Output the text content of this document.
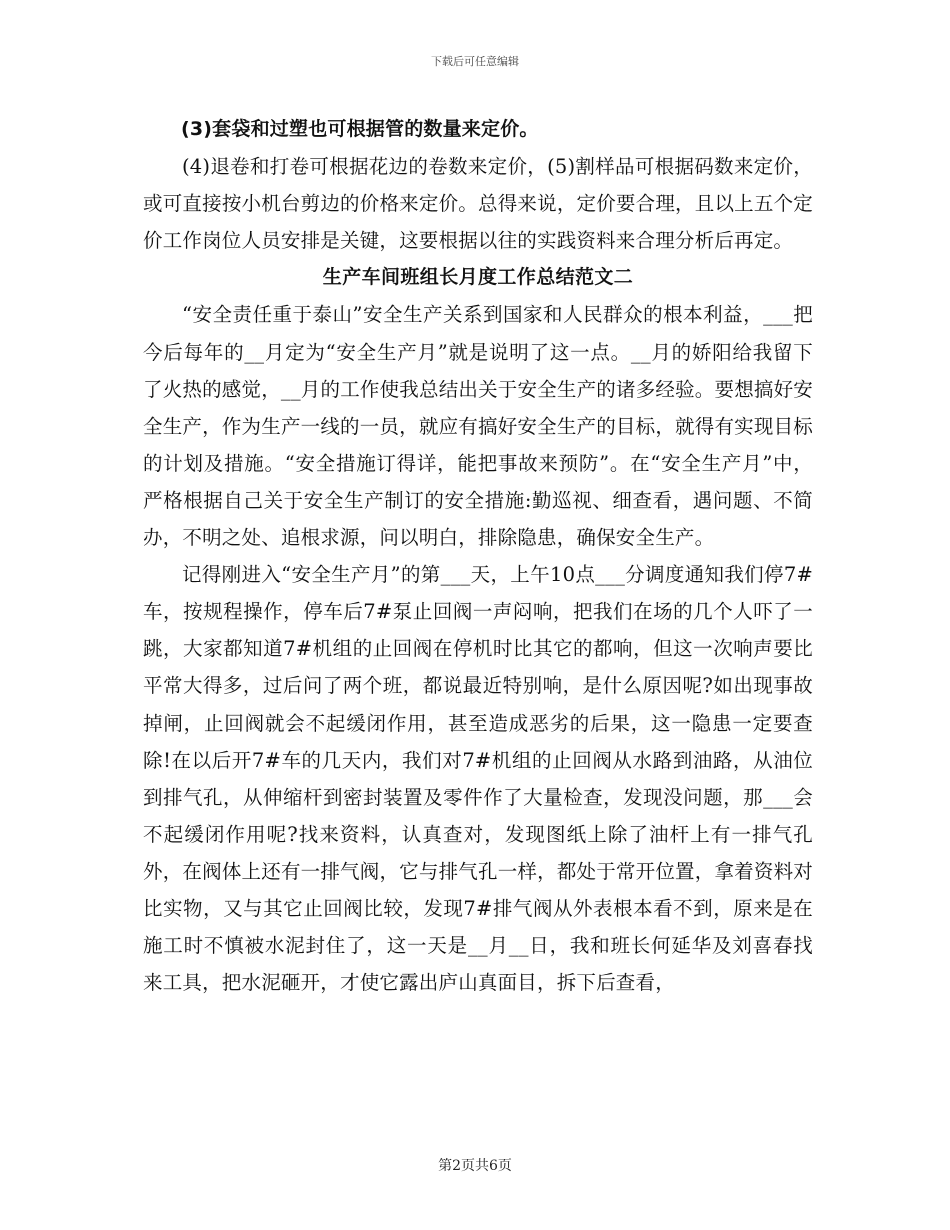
下载后可任意编辑

(3)套袋和过塑也可根据管的数量来定价。

(4)退卷和打卷可根据花边的卷数来定价，(5)割样品可根据码数来定价，或可直接按小机台剪边的价格来定价。总得来说，定价要合理，且以上五个定价工作岗位人员安排是关键，这要根据以往的实践资料来合理分析后再定。

生产车间班组长月度工作总结范文二

“安全责任重于泰山”安全生产关系到国家和人民群众的根本利益，___把今后每年的__月定为“安全生产月”就是说明了这一点。__月的娇阳给我留下了火热的感觉，__月的工作使我总结出关于安全生产的诸多经验。要想搞好安全生产，作为生产一线的一员，就应有搞好安全生产的目标，就得有实现目标的计划及措施。“安全措施订得详，能把事故来预防”。在“安全生产月”中，严格根据自己关于安全生产制订的安全措施:勤巡视、细查看，遇问题、不简办，不明之处、追根求源，问以明白，排除隐患，确保安全生产。

记得刚进入“安全生产月”的第___天，上午10点___分调度通知我们停7#车，按规程操作，停车后7#泵止回阀一声闷响，把我们在场的几个人吓了一跳，大家都知道7#机组的止回阀在停机时比其它的都响，但这一次响声要比平常大得多，过后问了两个班，都说最近特别响，是什么原因呢?如出现事故掉闸，止回阀就会不起缓闭作用，甚至造成恶劣的后果，这一隐患一定要查除!在以后开7#车的几天内，我们对7#机组的止回阀从水路到油路，从油位到排气孔，从伸缩杆到密封装置及零件作了大量检查，发现没问题，那___会不起缓闭作用呢?找来资料，认真查对，发现图纸上除了油杆上有一排气孔外，在阀体上还有一排气阀，它与排气孔一样，都处于常开位置，拿着资料对比实物，又与其它止回阀比较，发现7#排气阀从外表根本看不到，原来是在施工时不慎被水泥封住了，这一天是__月__日，我和班长何延华及刘喜春找来工具，把水泥砸开，才使它露出庐山真面目，拆下后查看，

第2页共6页
